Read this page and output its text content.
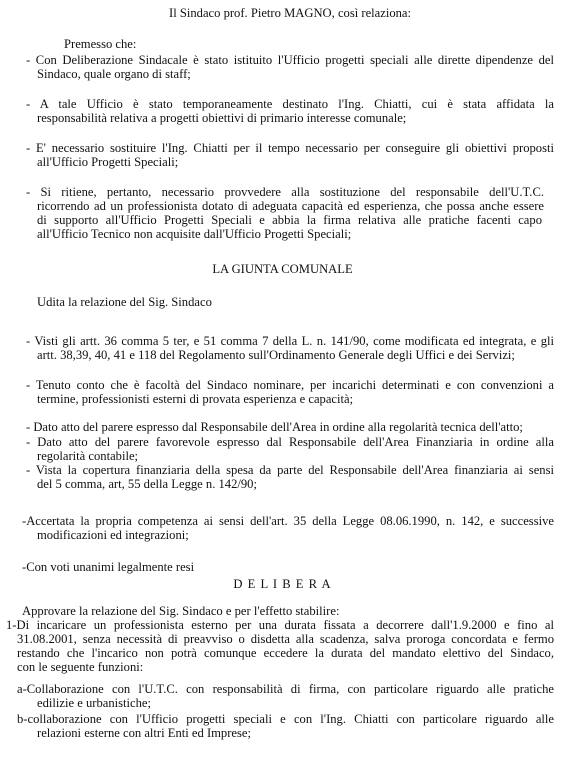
Il Sindaco prof. Pietro MAGNO, così relaziona:
Premesso che:
- Con Deliberazione Sindacale è stato istituito l'Ufficio progetti speciali alle dirette dipendenze del
Sindaco, quale organo di staff;
- A tale Ufficio è stato temporaneamente destinato l'Ing. Chiatti, cui è stata affidata la
responsabilità relativa a progetti obiettivi di primario interesse comunale;
- E' necessario sostituire l'Ing. Chiatti per il tempo necessario per conseguire gli obiettivi proposti
all'Ufficio Progetti Speciali;
- Si ritiene, pertanto, necessario provvedere alla sostituzione del responsabile dell'U.T.C.
ricorrendo ad un professionista dotato di adeguata capacità ed esperienza, che possa anche essere
di supporto all'Ufficio Progetti Speciali e abbia la firma relativa alle pratiche facenti capo
all'Ufficio Tecnico non acquisite dall'Ufficio Progetti Speciali;
LA GIUNTA COMUNALE
Udita la relazione del Sig. Sindaco
- Visti gli artt. 36 comma 5 ter, e 51 comma 7 della L. n. 141/90, come modificata ed integrata, e gli
artt. 38,39, 40, 41 e 118 del Regolamento sull'Ordinamento Generale degli Uffici e dei Servizi;
- Tenuto conto che è facoltà del Sindaco nominare, per incarichi determinati e con convenzioni a
termine, professionisti esterni di provata esperienza e capacità;
- Dato atto del parere espresso dal Responsabile dell'Area in ordine alla regolarità tecnica dell'atto;
- Dato atto del parere favorevole espresso dal Responsabile dell'Area Finanziaria in ordine alla
regolarità contabile;
- Vista la copertura finanziaria della spesa da parte del Responsabile dell'Area finanziaria ai sensi
del 5 comma, art, 55 della Legge n. 142/90;
-Accertata la propria competenza ai sensi dell'art. 35 della Legge 08.06.1990, n. 142, e successive
modificazioni ed integrazioni;
-Con voti unanimi legalmente resi
D E L I B E R A
Approvare la relazione del Sig. Sindaco e per l'effetto stabilire:
1-Di incaricare un professionista esterno per una durata fissata a decorrere dall'1.9.2000 e fino al
31.08.2001, senza necessità di preavviso o disdetta alla scadenza, salva proroga concordata e fermo
restando che l'incarico non potrà comunque eccedere la durata del mandato elettivo del Sindaco,
con le seguente funzioni:
a-Collaborazione con l'U.T.C. con responsabilità di firma, con particolare riguardo alle pratiche
edilizie e urbanistiche;
b-collaborazione con l'Ufficio progetti speciali e con l'Ing. Chiatti con particolare riguardo alle
relazioni esterne con altri Enti ed Imprese;
